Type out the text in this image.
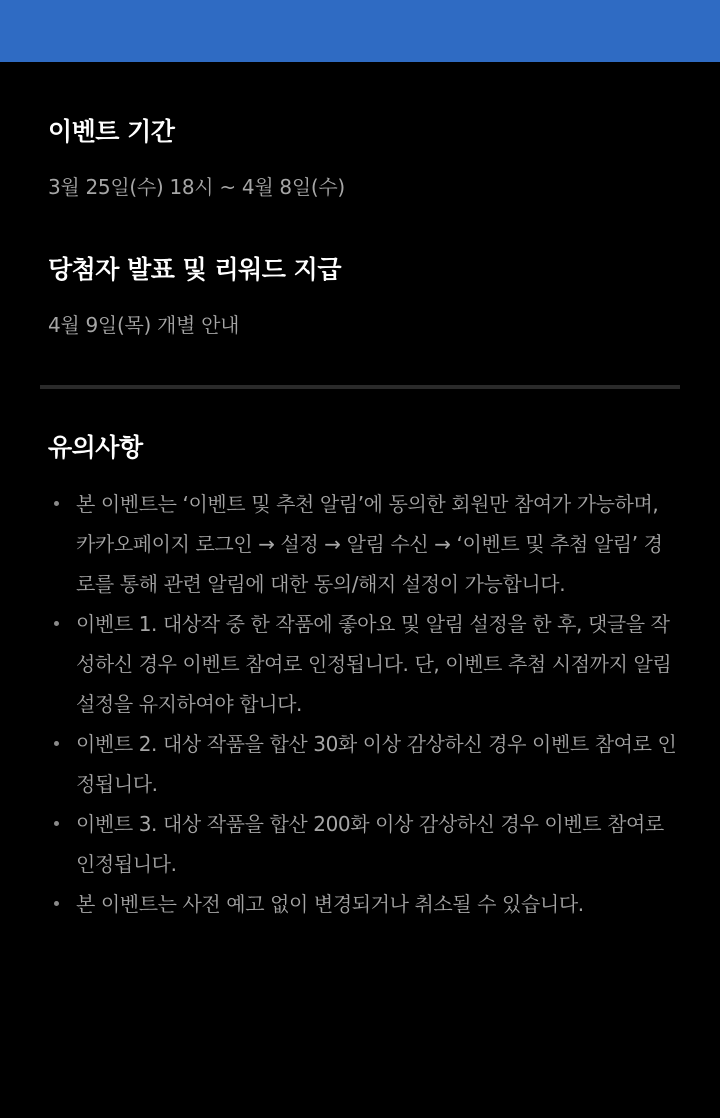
이벤트 기간

3월 25일(수) 18시 ~ 4월 8일(수)

당첨자 발표 및 리워드 지급

4월 9일(목) 개별 안내

유의사항
본 이벤트는 ‘이벤트 및 추천 알림’에 동의한 회원만 참여가 가능하며, 카카오페이지 로그인 → 설정 → 알림 수신 → ‘이벤트 및 추첨 알림’ 경로를 통해 관련 알림에 대한 동의/해지 설정이 가능합니다.
이벤트 1. 대상작 중 한 작품에 좋아요 및 알림 설정을 한 후, 댓글을 작성하신 경우 이벤트 참여로 인정됩니다. 단, 이벤트 추첨 시점까지 알림 설정을 유지하여야 합니다.
이벤트 2. 대상 작품을 합산 30화 이상 감상하신 경우 이벤트 참여로 인정됩니다.
이벤트 3. 대상 작품을 합산 200화 이상 감상하신 경우 이벤트 참여로 인정됩니다.
본 이벤트는 사전 예고 없이 변경되거나 취소될 수 있습니다.
